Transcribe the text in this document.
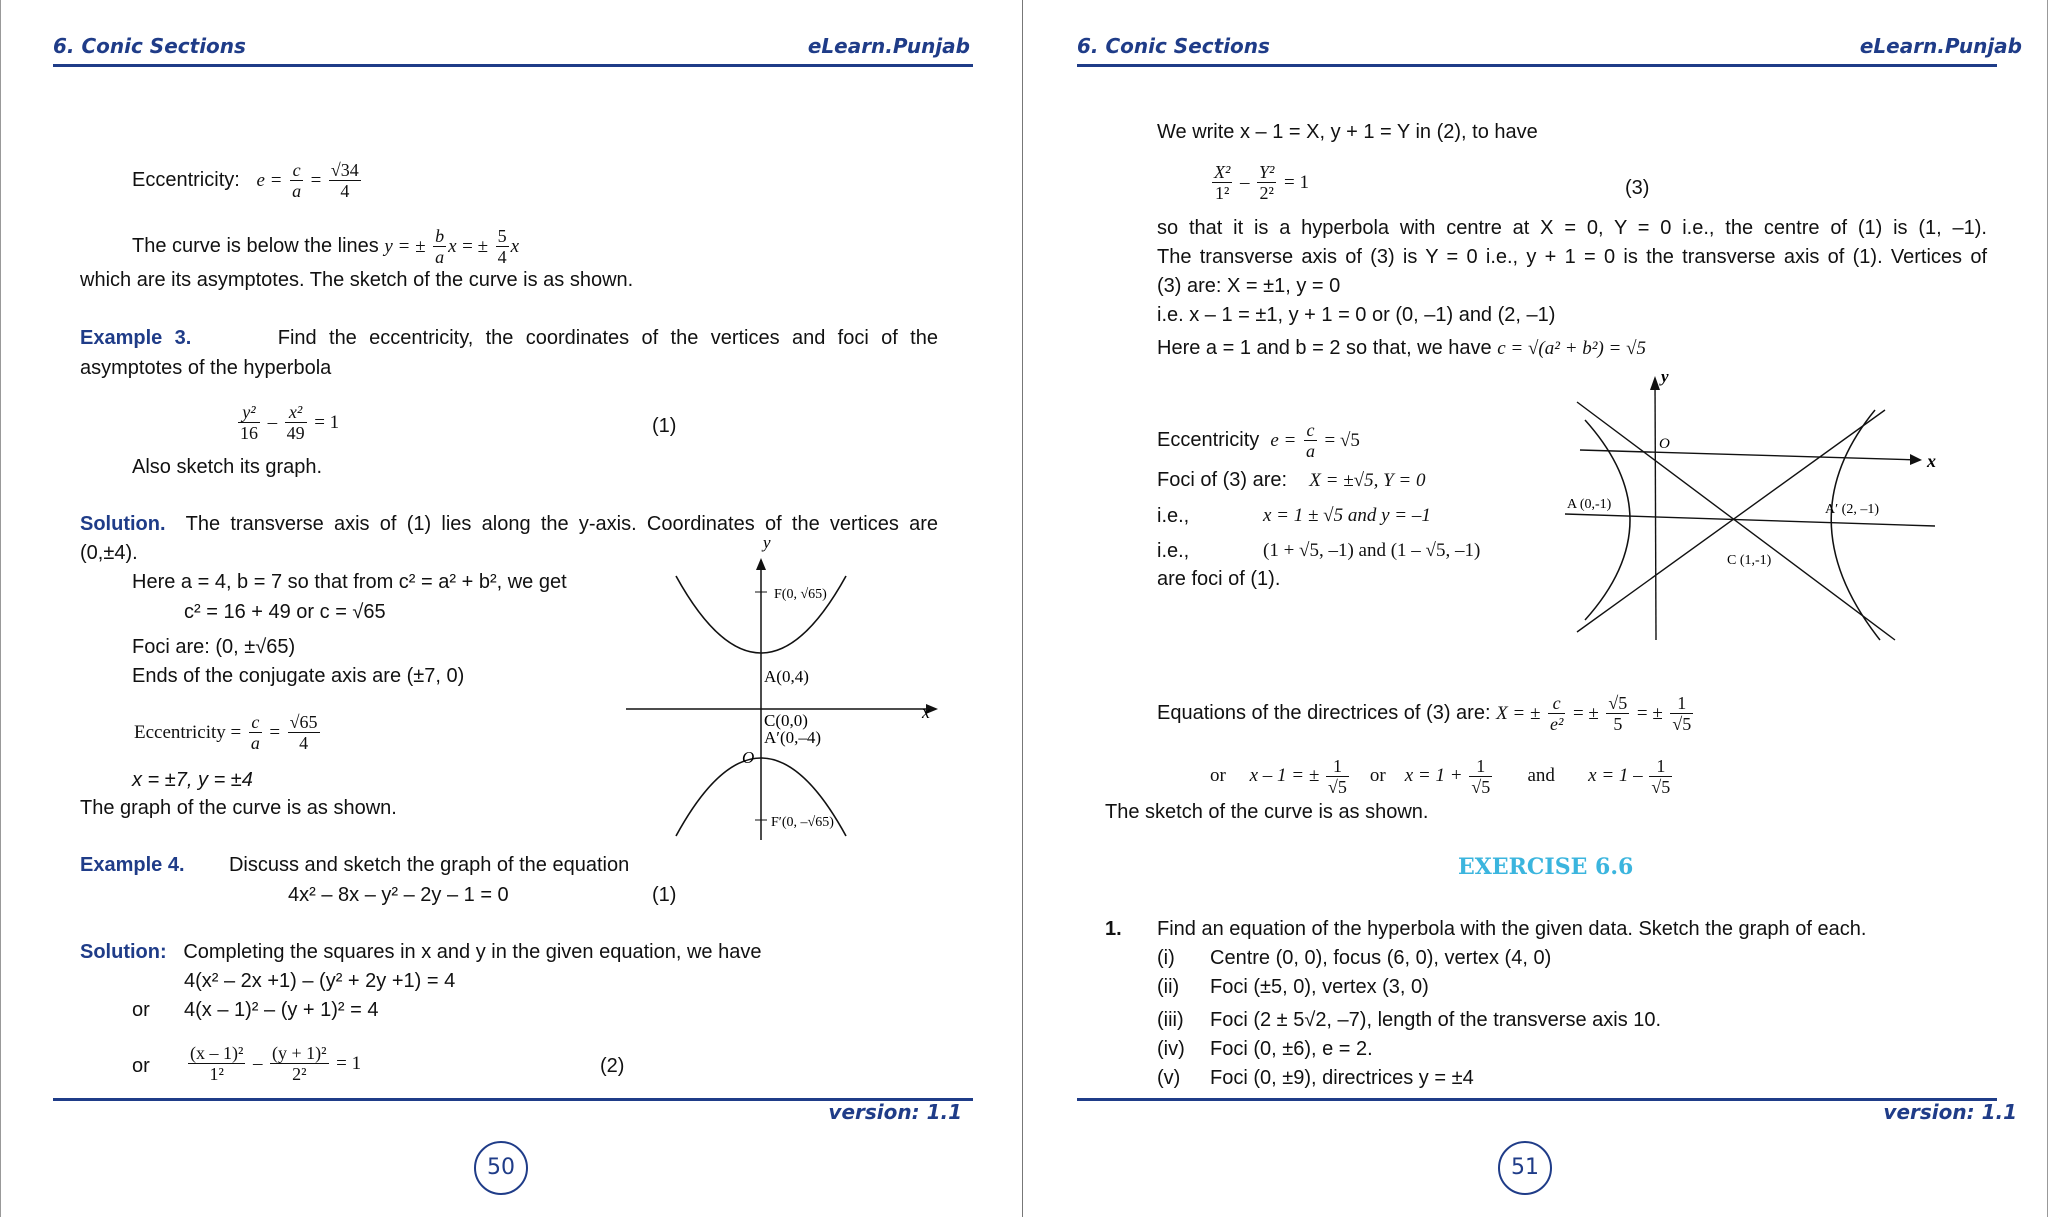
6. Conic Sections	eLearn.Punjab
Eccentricity: $e = \frac{c}{a} = \frac{√34}{4}$
The curve is below the lines y = ± $\frac{b}{a}$ x = ± $\frac{5}{4}$ x
which are its asymptotes. The sketch of the curve is as shown.
Example 3.	Find the eccentricity, the coordinates of the vertices and foci of the
asymptotes of the hyperbola
$\frac{\text{y²}}{16} - \frac{\text{x²}}{49} = 1$	(1)
Also sketch its graph.
Solution. The transverse axis of (1) lies along the y-axis. Coordinates of the vertices are
(0,±4).
Here a = 4, b = 7 so that from c² = a² + b², we get
c² = 16 + 49 or c = √65
Foci are: (0, ±√65)
Ends of the conjugate axis are (±7, 0)
Eccentricity = $\frac{c}{a} = \frac{√65}{4}$
x = ±7, y = ±4
The graph of the curve is as shown.
y
x
F(0, √65)
A(0,4)
C(0,0)
A′(0,–4)
O
F′(0, –√65)
Example 4. Discuss and sketch the graph of the equation
4x² – 8x – y² – 2y – 1 = 0	(1)
Solution: Completing the squares in x and y in the given equation, we have
4(x² – 2x +1) – (y² + 2y +1) = 4
or 4(x – 1)² – (y + 1)² = 4
or $\frac{\text{(x – 1)²}}{\text{1²}} - \frac{\text{(y + 1)²}}{\text{2²}} = 1$	(2)
version: 1.1
50
6. Conic Sections	eLearn.Punjab
We write x – 1 = X, y + 1 = Y in (2), to have
$\frac{\text{X²}}{\text{1²}} - \frac{\text{Y²}}{\text{2²}} = 1$	(3)
so that it is a hyperbola with centre at X = 0, Y = 0 i.e., the centre of (1) is (1, –1).
The transverse axis of (3) is Y = 0 i.e., y + 1 = 0 is the transverse axis of (1). Vertices of
(3) are: X = ±1, y = 0
i.e. x – 1 = ±1, y + 1 = 0 or (0, –1) and (2, –1)
Here a = 1 and b = 2 so that, we have c = √(a² + b²) = √5
Eccentricity $e = \frac{c}{a} = √5$
Foci of (3) are: X = ±√5, Y = 0
i.e.,	x = 1 ± √5 and y = –1
i.e.,	(1 + √5, –1) and (1 – √5, –1)
are foci of (1).
y
x
O
A (0,-1)	A′ (2, –1)
C (1,-1)
Equations of the directrices of (3) are: X = ± $\frac{c}{\text{e²}}$ = ± $\frac{√5}{5}$ = ± $\frac{1}{√5}$
or x – 1 = ± $\frac{1}{√5}$ or $x = 1 + \frac{1}{√5}$ and $x = 1 - \frac{1}{√5}$
The sketch of the curve is as shown.
EXERCISE 6.6
1. Find an equation of the hyperbola with the given data. Sketch the graph of each.
(i) Centre (0, 0), focus (6, 0), vertex (4, 0)
(ii) Foci (±5, 0), vertex (3, 0)
(iii) Foci (2 ± 5√2, –7), length of the transverse axis 10.
(iv) Foci (0, ±6), e = 2.
(v) Foci (0, ±9), directrices y = ±4
version: 1.1
51
